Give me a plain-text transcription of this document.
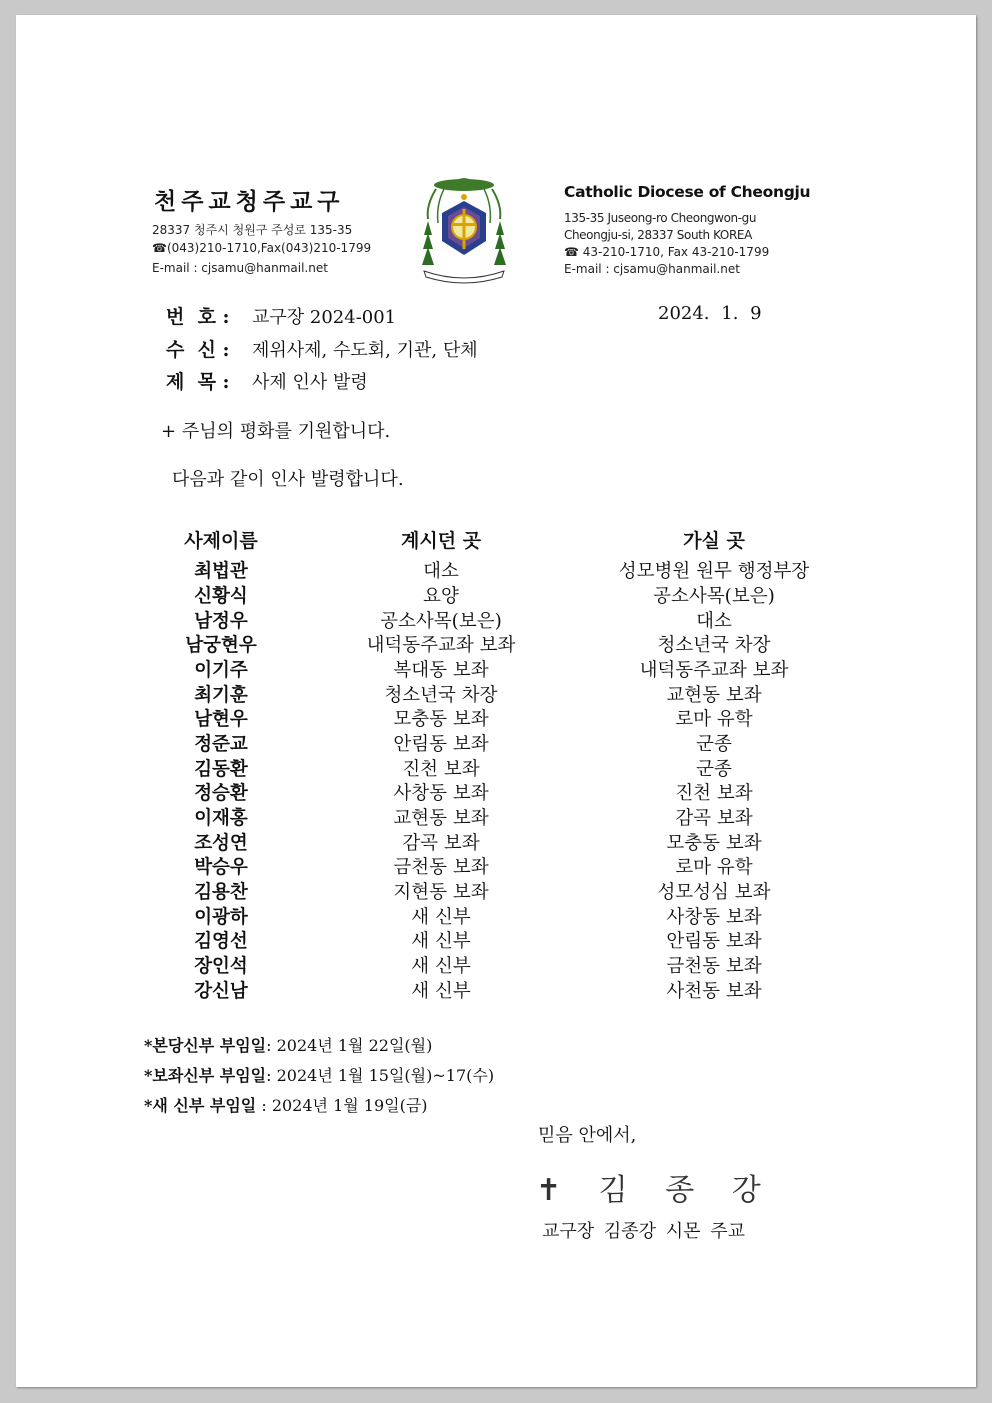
천주교청주교구
28337 청주시 청원구 주성로 135-35
☎(043)210-1710,Fax(043)210-1799
E-mail : cjsamu@hanmail.net
Catholic Diocese of Cheongju
135-35 Juseong-ro Cheongwon-gu
Cheongju-si, 28337 South KOREA
☎ 43-210-1710, Fax 43-210-1799
E-mail : cjsamu@hanmail.net
번  호 : 교구장 2024-001	2024. 1. 9
수  신 : 제위사제, 수도회, 기관, 단체
제  목 : 사제 인사 발령
+ 주님의 평화를 기원합니다.
다음과 같이 인사 발령합니다.
사제이름	계시던 곳	가실 곳
최법관	대소	성모병원 원무 행정부장
신황식	요양	공소사목(보은)
남정우	공소사목(보은)	대소
남궁현우	내덕동주교좌 보좌	청소년국 차장
이기주	복대동 보좌	내덕동주교좌 보좌
최기훈	청소년국 차장	교현동 보좌
남현우	모충동 보좌	로마 유학
정준교	안림동 보좌	군종
김동환	진천 보좌	군종
정승환	사창동 보좌	진천 보좌
이재홍	교현동 보좌	감곡 보좌
조성연	감곡 보좌	모충동 보좌
박승우	금천동 보좌	로마 유학
김용찬	지현동 보좌	성모성심 보좌
이광하	새 신부	사창동 보좌
김영선	새 신부	안림동 보좌
장인석	새 신부	금천동 보좌
강신남	새 신부	사천동 보좌
*본당신부 부임일: 2024년 1월 22일(월)
*보좌신부 부임일: 2024년 1월 15일(월)~17(수)
*새 신부 부임일 : 2024년 1월 19일(금)
믿음 안에서,
✝ 김 종 강
교구장 김종강 시몬 주교
